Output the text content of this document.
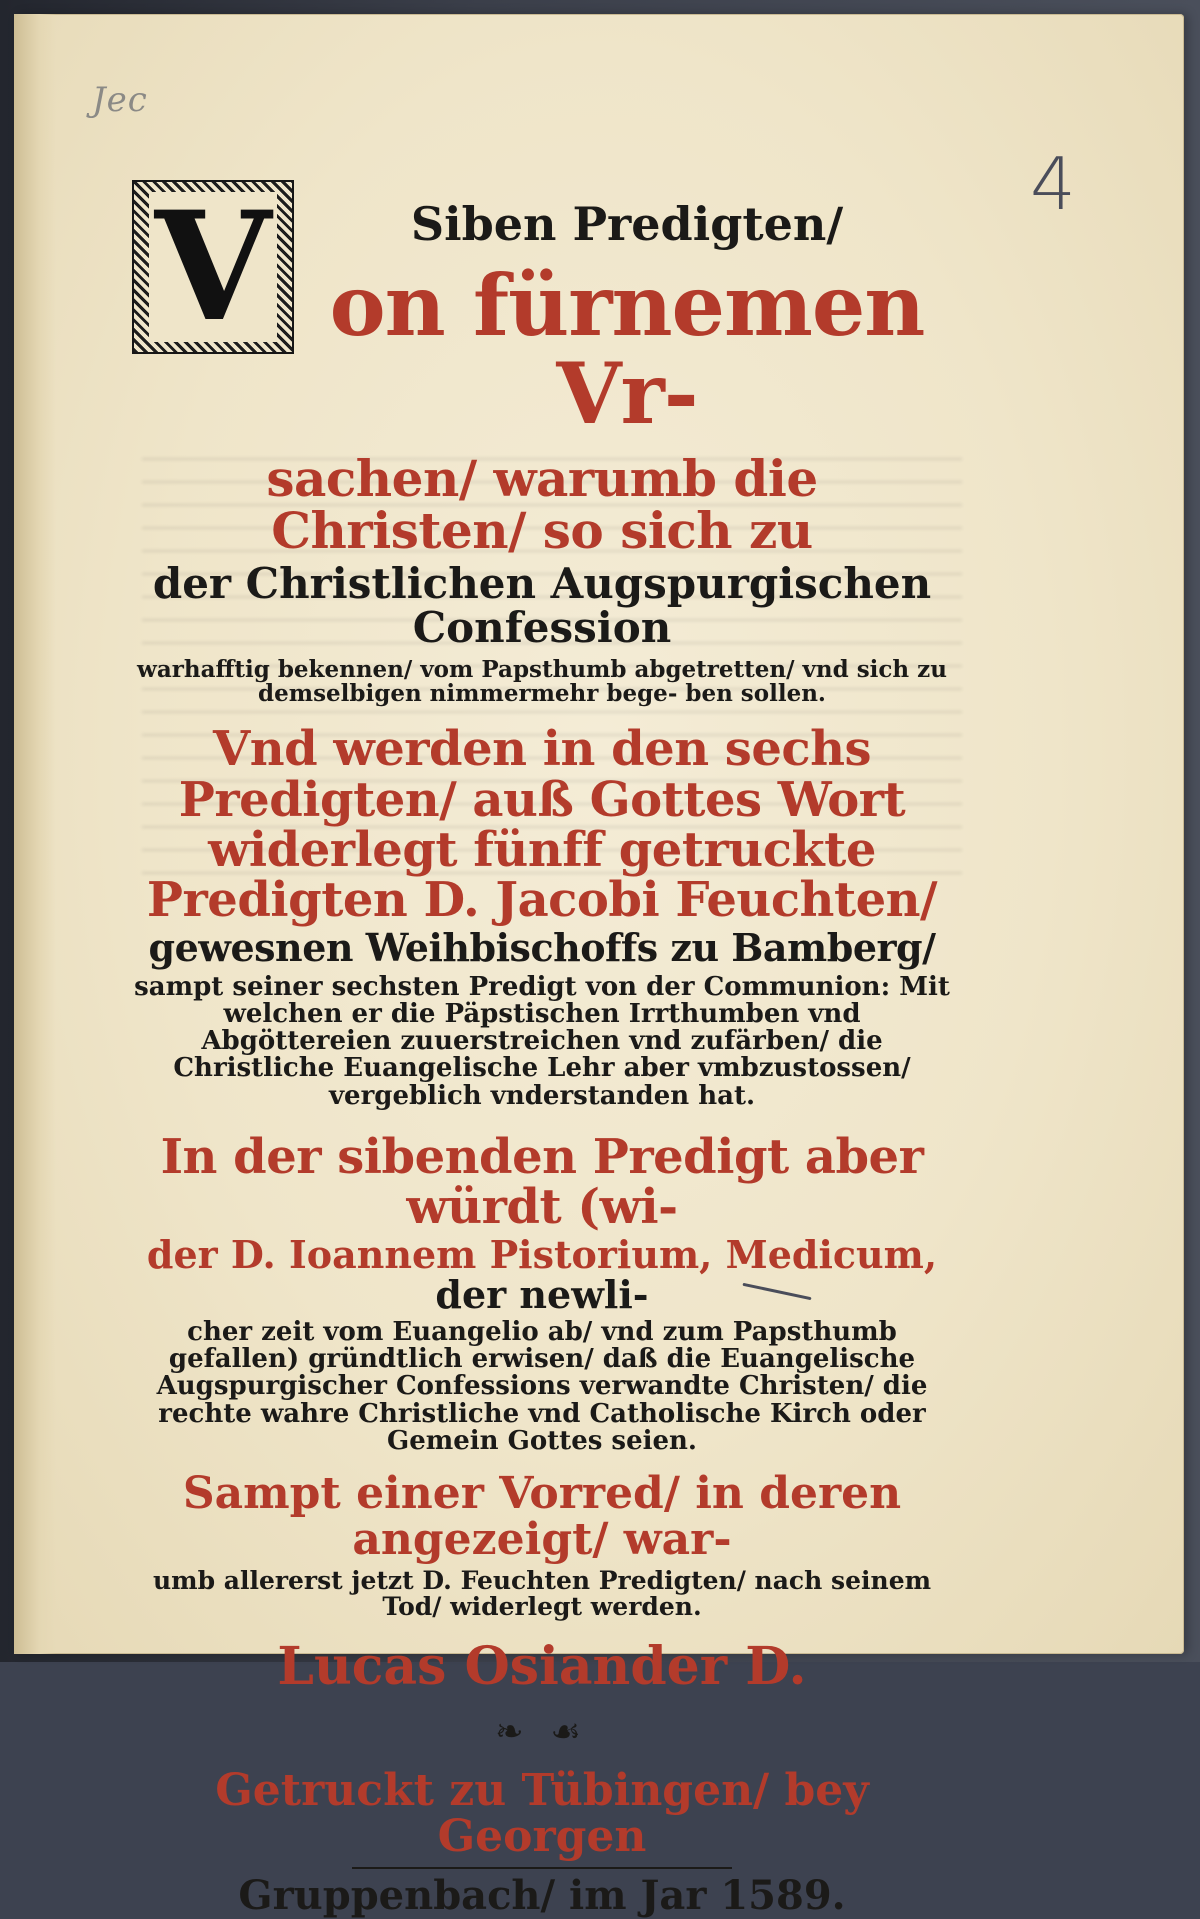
Jec
4
V	Siben Predigten/
on fürnemen Vr-
sachen/ warumb die Christen/ so sich zu
der Christlichen Augspurgischen Confession
warhafftig bekennen/ vom Papsthumb abgetretten/ vnd sich zu demselbigen nimmermehr bege- ben sollen.
Vnd werden in den sechs Predigten/ auß Gottes Wort widerlegt fünff getruckte Predigten D. Jacobi Feuchten/
gewesnen Weihbischoffs zu Bamberg/
sampt seiner sechsten Predigt von der Communion: Mit welchen er die Päpstischen Irrthumben vnd Abgöttereien zuuerstreichen vnd zufärben/ die Christliche Euangelische Lehr aber vmbzustossen/ vergeblich vnderstanden hat.
In der sibenden Predigt aber würdt (wi-
der D. Ioannem Pistorium, Medicum, der newli-
cher zeit vom Euangelio ab/ vnd zum Papsthumb gefallen) gründtlich erwisen/ daß die Euangelische Augspurgischer Confessions verwandte Christen/ die rechte wahre Christliche vnd Catholische Kirch oder Gemein Gottes seien.
Sampt einer Vorred/ in deren angezeigt/ war-
umb allererst jetzt D. Feuchten Predigten/ nach seinem Tod/ widerlegt werden.
Lucas Osiander D.
❧ ☙
Getruckt zu Tübingen/ bey Georgen
Gruppenbach/ im Jar 1589.
